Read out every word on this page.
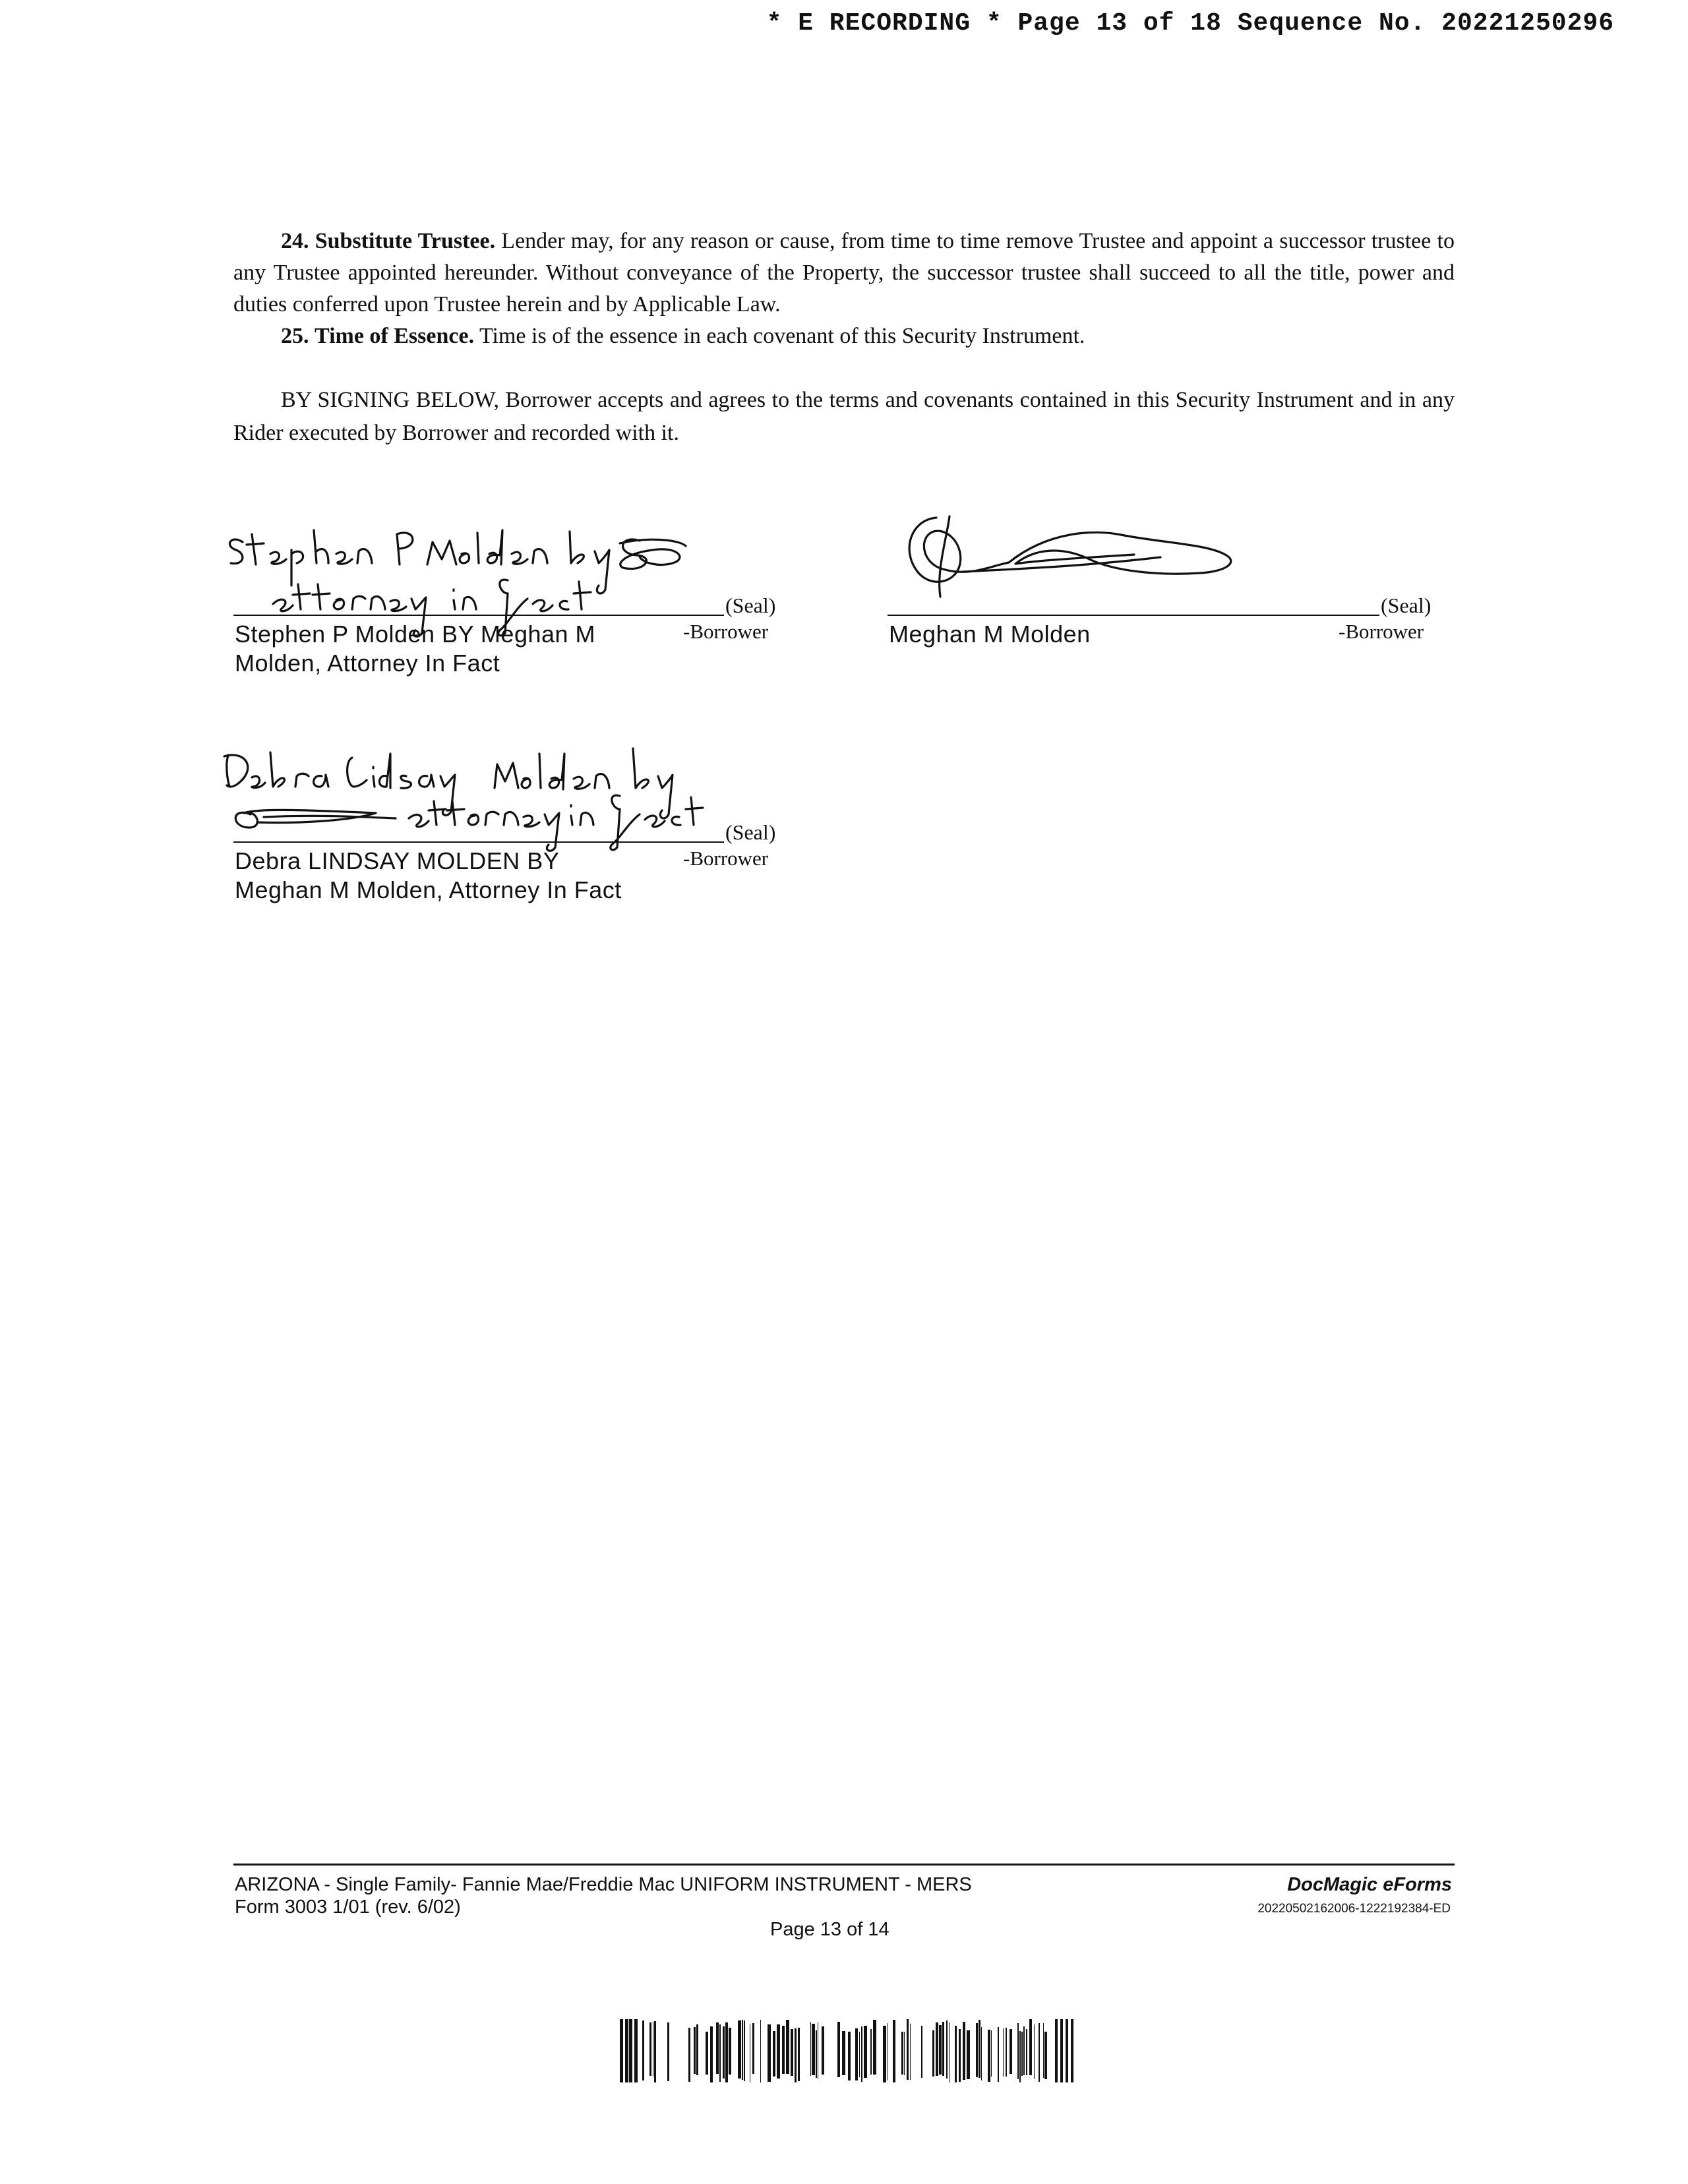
* E RECORDING * Page 13 of 18 Sequence No. 20221250296

24. Substitute Trustee. Lender may, for any reason or cause, from time to time remove Trustee and appoint a successor trustee to any Trustee appointed hereunder. Without conveyance of the Property, the successor trustee shall succeed to all the title, power and duties conferred upon Trustee herein and by Applicable Law.

25. Time of Essence. Time is of the essence in each covenant of this Security Instrument.

BY SIGNING BELOW, Borrower accepts and agrees to the terms and covenants contained in this Security Instrument and in any Rider executed by Borrower and recorded with it.

(Seal)
-Borrower
Stephen P Molden BY Meghan M
Molden, Attorney In Fact
(Seal)
-Borrower
Meghan M Molden
(Seal)
-Borrower
Debra LINDSAY MOLDEN BY
Meghan M Molden, Attorney In Fact
ARIZONA - Single Family- Fannie Mae/Freddie Mac UNIFORM INSTRUMENT - MERS
Form 3003 1/01 (rev. 6/02)
Page 13 of 14
DocMagic eForms
20220502162006-1222192384-ED
